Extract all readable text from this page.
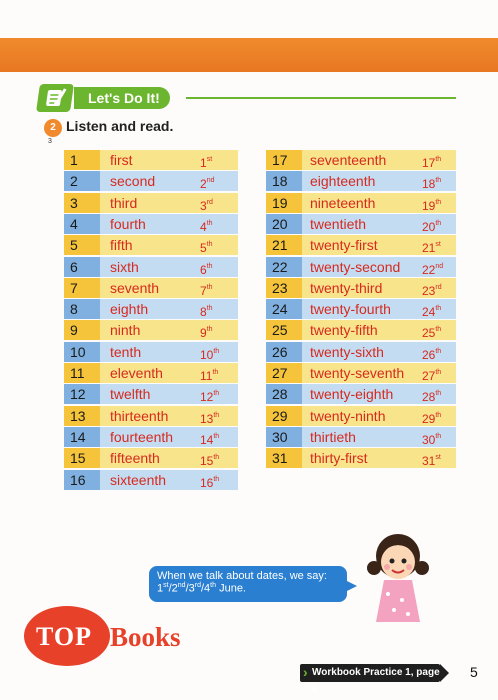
Let's Do It!
2
3
Listen and read.
1	first	1st
2	second	2nd
3	third	3rd
4	fourth	4th
5	fifth	5th
6	sixth	6th
7	seventh	7th
8	eighth	8th
9	ninth	9th
10	tenth	10th
11	eleventh	11th
12	twelfth	12th
13	thirteenth	13th
14	fourteenth 14th
15	fifteenth	15th
16	sixteenth	16th
17	seventeenth	17th
18	eighteenth	18th
19	nineteenth	19th
20	twentieth	20th
21	twenty-first	21st
22	twenty-second 22nd
23	twenty-third	23rd
24	twenty-fourth	24th
25	twenty-fifth	25th
26	twenty-sixth	26th
27	twenty-seventh 27th
28	twenty-eighth 28th
29	twenty-ninth	29th
30	thirtieth	30th
31	thirty-first	31st
When we talk about dates, we say:
1st/2nd/3rd/4th June.
TOP Books
› Workbook Practice 1, page 5
5
